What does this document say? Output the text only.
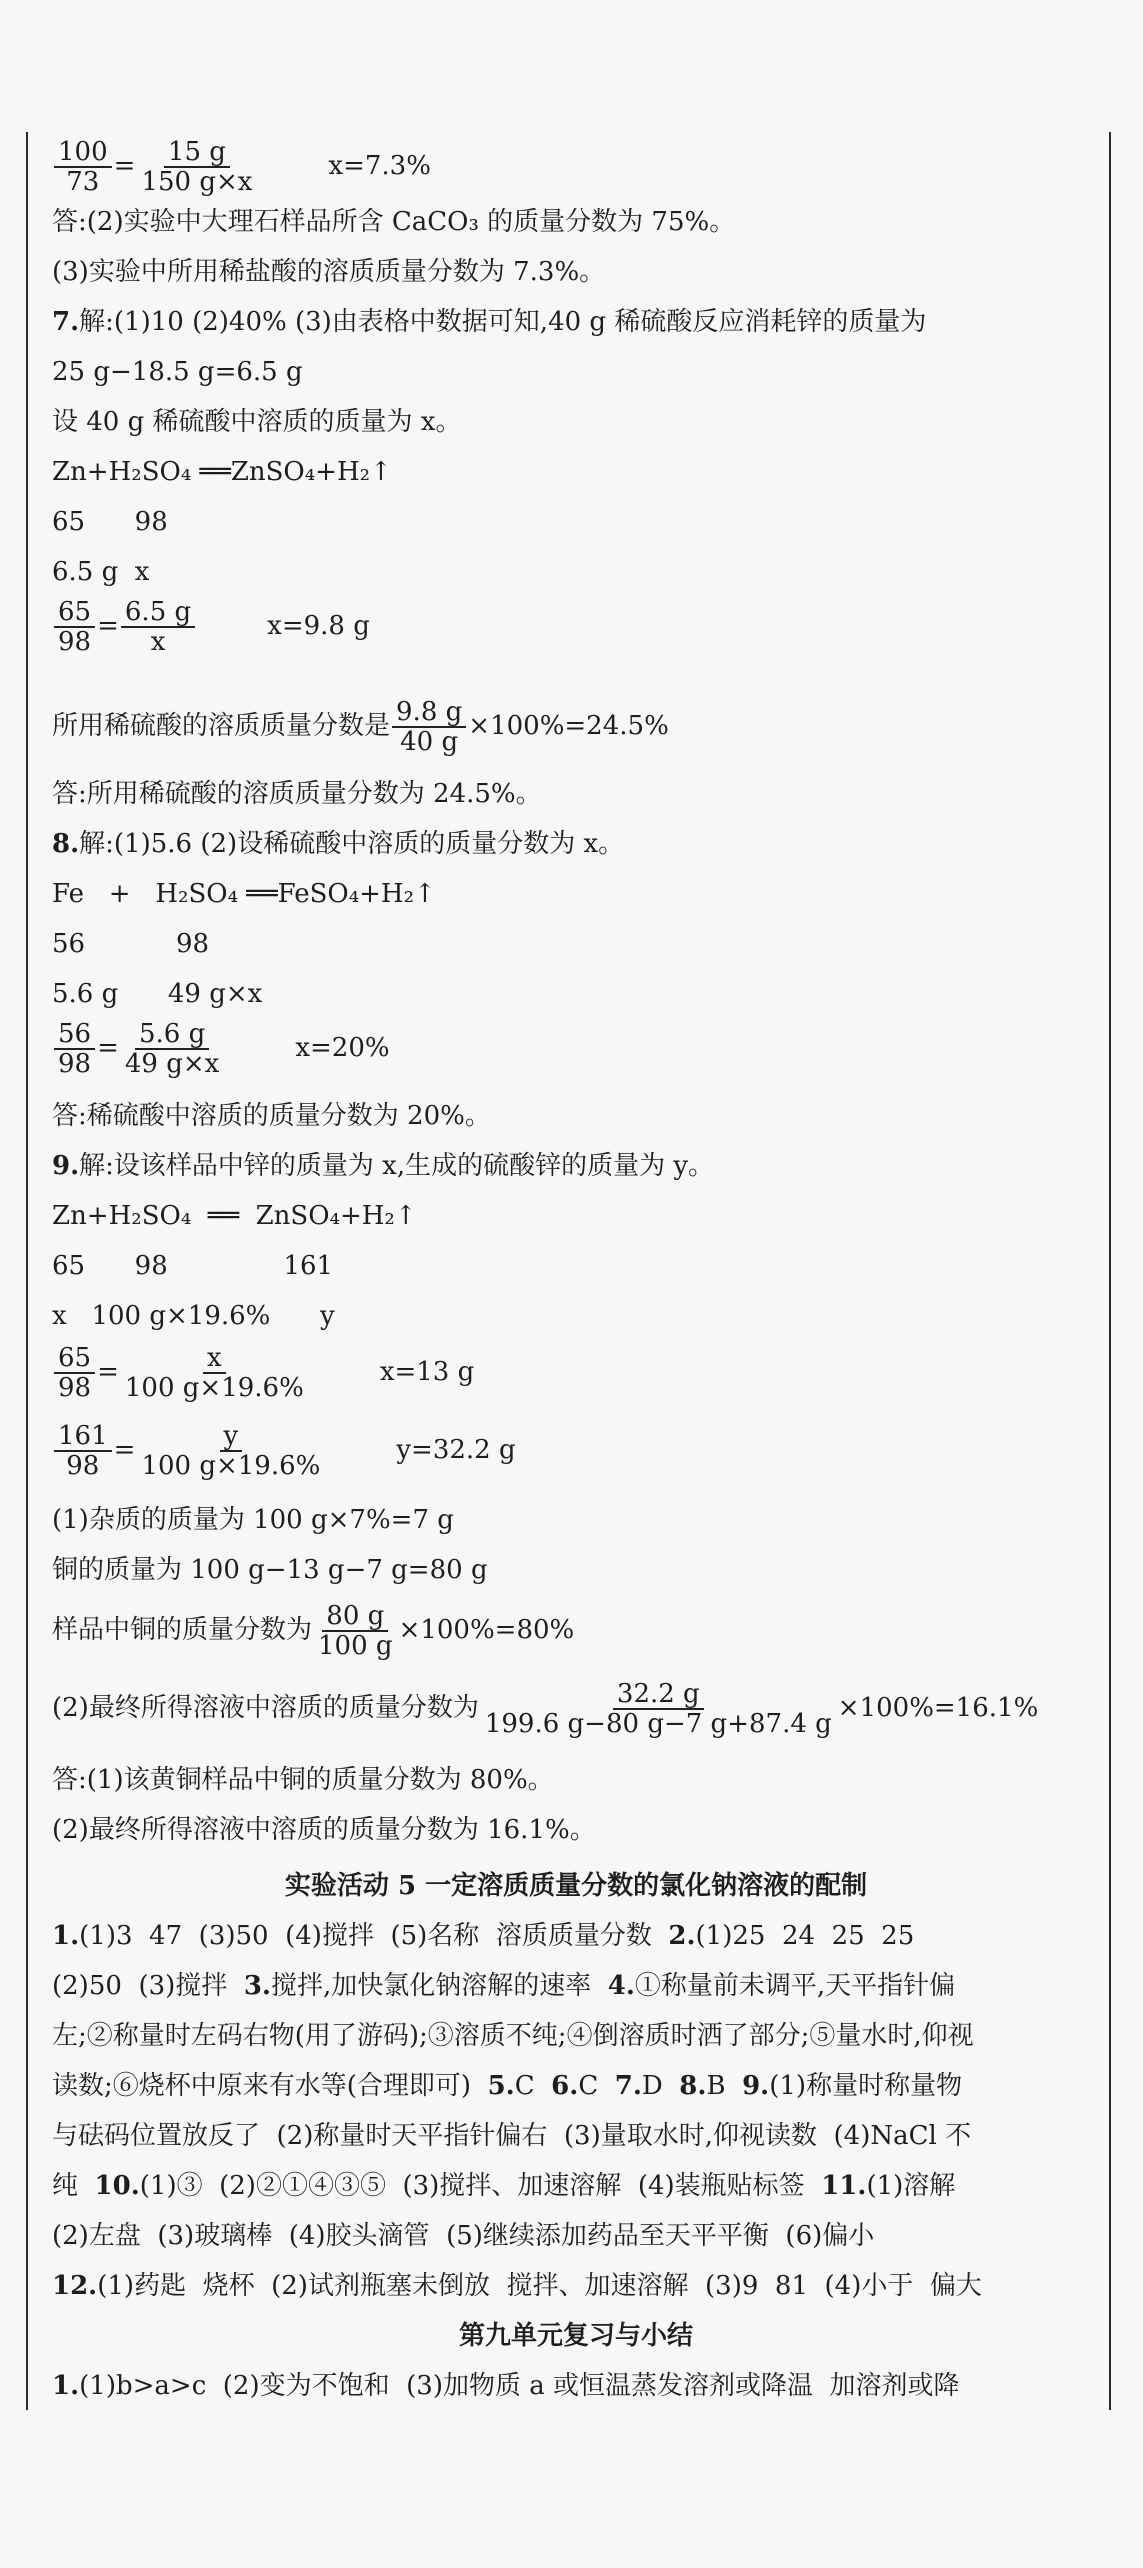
$\frac{100}{73} = \frac{15 g}{150 g\times x}$	x=7.3%
答:(2)实验中大理石样品所含 CaCO₃ 的质量分数为 75%。
(3)实验中所用稀盐酸的溶质质量分数为 7.3%。
7.解:(1)10 (2)40% (3)由表格中数据可知,40 g 稀硫酸反应消耗锌的质量为
25 g−18.5 g=6.5 g
设 40 g 稀硫酸中溶质的质量为 x。
Zn+H₂SO₄ ══ZnSO₄+H₂↑
65      98
6.5 g  x
$\frac{65}{98} = \frac{6.5 g}{x}$	x=9.8 g
所用稀硫酸的溶质质量分数是 $\frac{9.8 g}{40 g} \times 100\%=24.5\%$
答:所用稀硫酸的溶质质量分数为 24.5%。
8.解:(1)5.6 (2)设稀硫酸中溶质的质量分数为 x。
Fe   +   H₂SO₄ ══FeSO₄+H₂↑
56           98
5.6 g      49 g×x
$\frac{56}{98} = \frac{5.6 g}{49 g\times x}$	x=20%
答:稀硫酸中溶质的质量分数为 20%。
9.解:设该样品中锌的质量为 x,生成的硫酸锌的质量为 y。
Zn+H₂SO₄  ══  ZnSO₄+H₂↑
65      98              161
x   100 g×19.6%      y
$\frac{65}{98} = \frac{x}{100 g\times 19.6\%}$	x=13 g
$\frac{161}{98} = \frac{y}{100 g\times 19.6\%}$	y=32.2 g
(1)杂质的质量为 100 g×7%=7 g
铜的质量为 100 g−13 g−7 g=80 g
样品中铜的质量分数为 $\frac{80 g}{100 g} \times 100\%=80\%$
(2)最终所得溶液中溶质的质量分数为 $\frac{32.2 g}{199.6 g-80 g-7 g+87.4 g} \times 100\%=16.1\%$
答:(1)该黄铜样品中铜的质量分数为 80%。
(2)最终所得溶液中溶质的质量分数为 16.1%。
实验活动 5 一定溶质质量分数的氯化钠溶液的配制
1.(1)3  47  (3)50  (4)搅拌  (5)名称  溶质质量分数  2.(1)25  24  25  25
(2)50  (3)搅拌  3.搅拌,加快氯化钠溶解的速率  4.①称量前未调平,天平指针偏
左;②称量时左码右物(用了游码);③溶质不纯;④倒溶质时洒了部分;⑤量水时,仰视
读数;⑥烧杯中原来有水等(合理即可)  5.C  6.C  7.D  8.B  9.(1)称量时称量物
与砝码位置放反了  (2)称量时天平指针偏右  (3)量取水时,仰视读数  (4)NaCl 不
纯  10.(1)③  (2)②①④③⑤  (3)搅拌、加速溶解  (4)装瓶贴标签  11.(1)溶解
(2)左盘  (3)玻璃棒  (4)胶头滴管  (5)继续添加药品至天平平衡  (6)偏小
12.(1)药匙  烧杯  (2)试剂瓶塞未倒放  搅拌、加速溶解  (3)9  81  (4)小于  偏大
第九单元复习与小结
1.(1)b>a>c  (2)变为不饱和  (3)加物质 a 或恒温蒸发溶剂或降温  加溶剂或降
